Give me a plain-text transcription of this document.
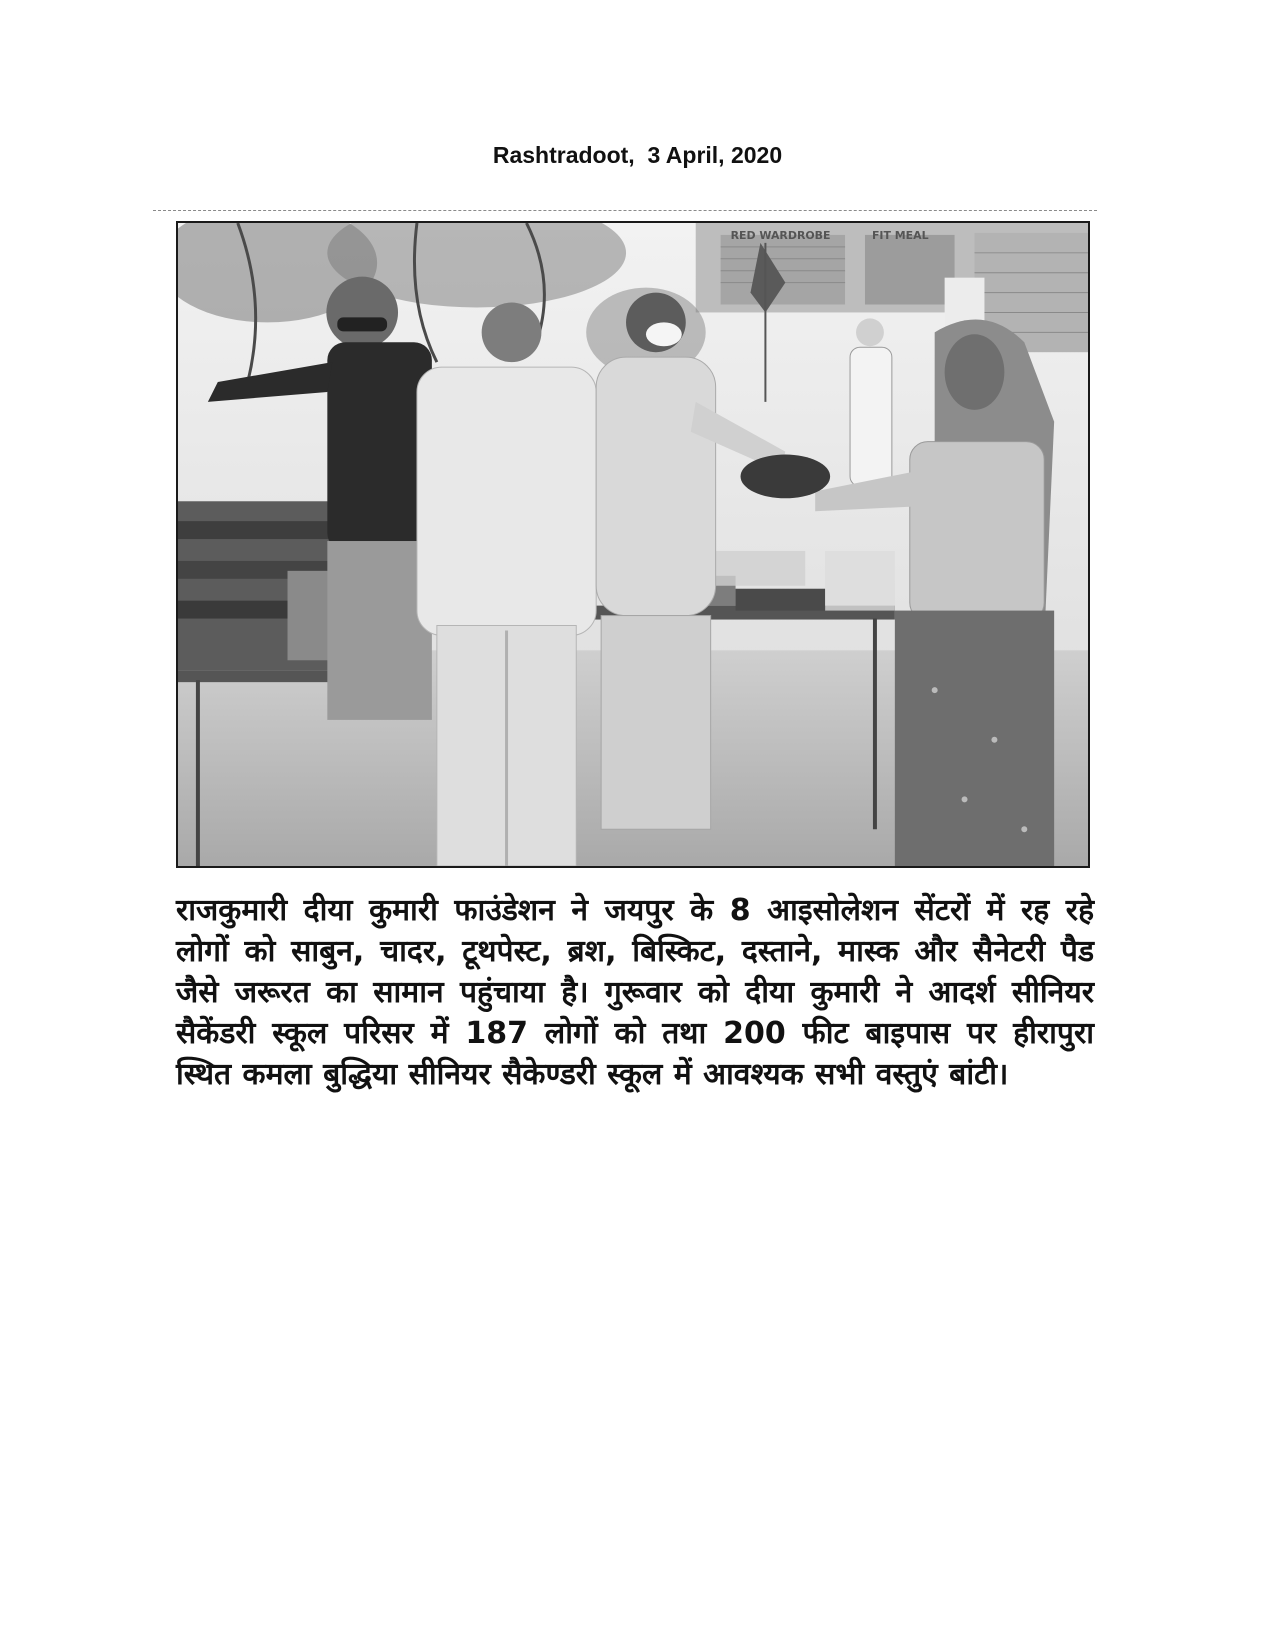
Rashtradoot,  3 April, 2020
RED WARDROBE	FIT MEAL
राजकुमारी दीया कुमारी फाउंडेशन ने जयपुर के 8 आइसोलेशन सेंटरों में रह रहे लोगों को साबुन, चादर, टूथपेस्ट, ब्रश, बिस्किट, दस्ताने, मास्क और सैनेटरी पैड जैसे जरूरत का सामान पहुंचाया है। गुरूवार को दीया कुमारी ने आदर्श सीनियर सैकेंडरी स्कूल परिसर में 187 लोगों को तथा 200 फीट बाइपास पर हीरापुरा स्थित कमला बुद्धिया सीनियर सैकेण्डरी स्कूल में आवश्यक सभी वस्तुएं बांटी।
